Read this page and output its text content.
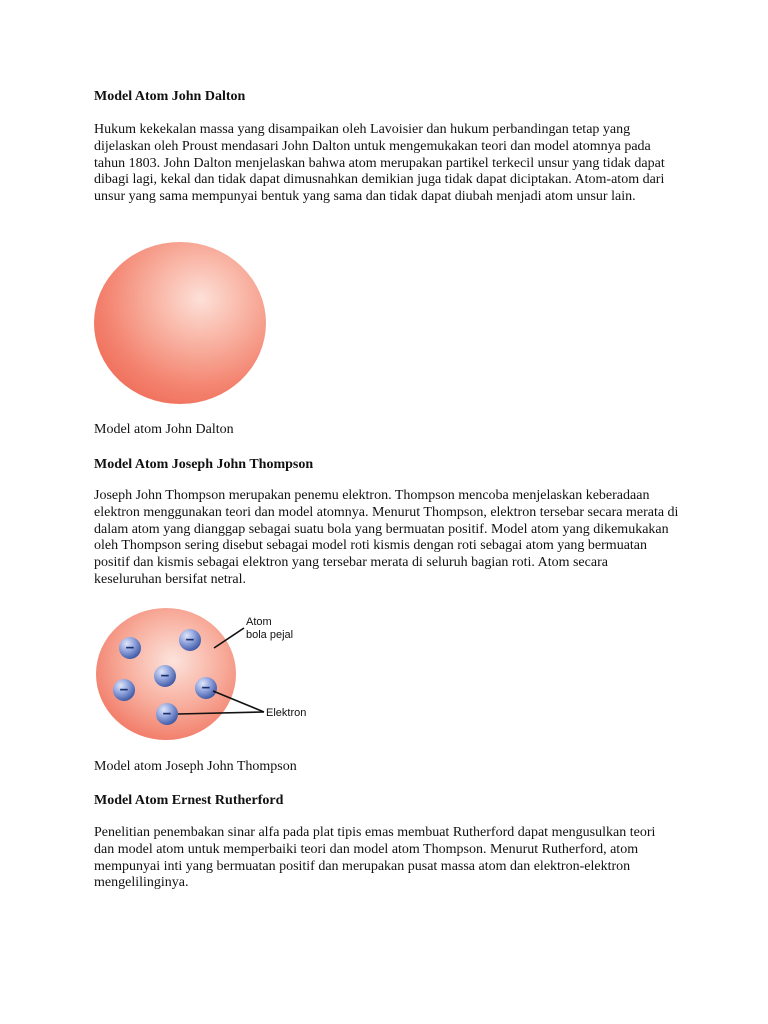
Model Atom John Dalton

Hukum kekekalan massa yang disampaikan oleh Lavoisier dan hukum perbandingan tetap yang dijelaskan oleh Proust mendasari John Dalton untuk mengemukakan teori dan model atomnya pada tahun 1803. John Dalton menjelaskan bahwa atom merupakan partikel terkecil unsur yang tidak dapat dibagi lagi, kekal dan tidak dapat dimusnahkan demikian juga tidak dapat diciptakan. Atom-atom dari unsur yang sama mempunyai bentuk yang sama dan tidak dapat diubah menjadi atom unsur lain.

Model atom John Dalton

Model Atom Joseph John Thompson

Joseph John Thompson merupakan penemu elektron. Thompson mencoba menjelaskan keberadaan elektron menggunakan teori dan model atomnya. Menurut Thompson, elektron tersebar secara merata di dalam atom yang dianggap sebagai suatu bola yang bermuatan positif. Model atom yang dikemukakan oleh Thompson sering disebut sebagai model roti kismis dengan roti sebagai atom yang bermuatan positif dan kismis sebagai elektron yang tersebar merata di seluruh bagian roti. Atom secara keseluruhan bersifat netral.

−	−
−
−	−
−
Atom
bola pejal
Elektron

Model atom Joseph John Thompson

Model Atom Ernest Rutherford

Penelitian penembakan sinar alfa pada plat tipis emas membuat Rutherford dapat mengusulkan teori dan model atom untuk memperbaiki teori dan model atom Thompson. Menurut Rutherford, atom mempunyai inti yang bermuatan positif dan merupakan pusat massa atom dan elektron-elektron mengelilinginya.
